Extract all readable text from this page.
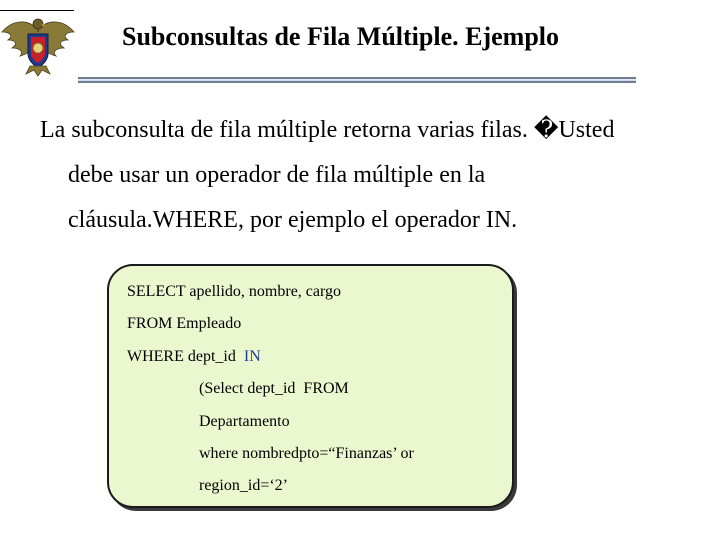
Subconsultas de Fila Múltiple. Ejemplo
La subconsulta de fila múltiple retorna varias filas. �Usted
debe usar un operador de fila múltiple en la
cláusula.WHERE, por ejemplo el operador IN.
SELECT apellido, nombre, cargo
FROM Empleado
WHERE dept_id  IN
(Select dept_id  FROM
Departamento
where nombredpto=“Finanzas’ or
region_id=‘2’
